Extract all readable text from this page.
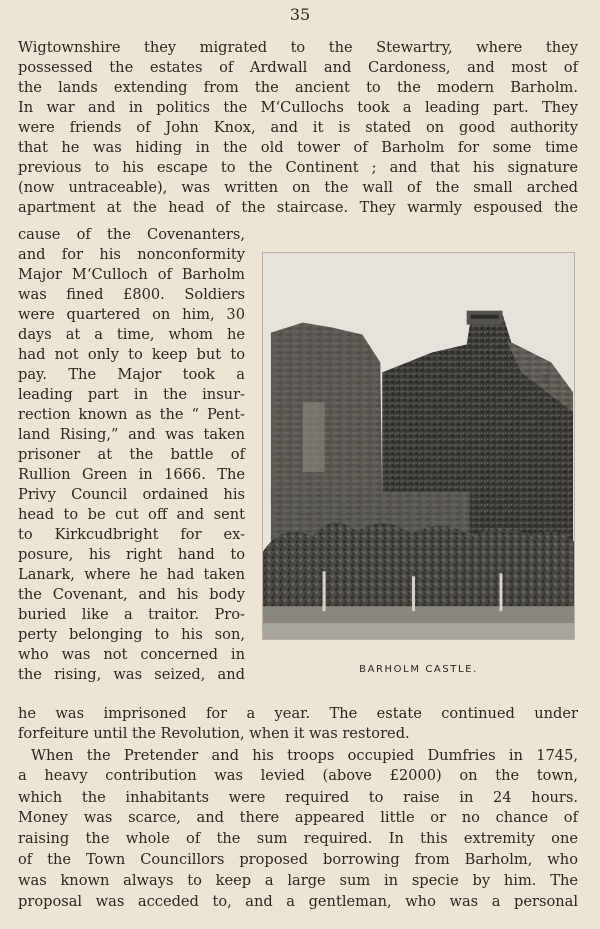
35
Wigtownshire they migrated to the Stewartry, where they
possessed the estates of Ardwall and Cardoness, and most of
the lands extending from the ancient to the modern Barholm.
In war and in politics the M‘Cullochs took a leading part. They
were friends of John Knox, and it is stated on good authority
that he was hiding in the old tower of Barholm for some time
previous to his escape to the Continent ; and that his signature
(now untraceable), was written on the wall of the small arched
apartment at the head of the staircase. They warmly espoused the
cause of the Covenanters,
and for his nonconformity
Major M‘Culloch of Barholm
was fined £800. Soldiers
were quartered on him, 30
days at a time, whom he
had not only to keep but to
pay. The Major took a
leading part in the insur-
rection known as the “ Pent-
land Rising,” and was taken
prisoner at the battle of
Rullion Green in 1666. The
Privy Council ordained his
head to be cut off and sent
to Kirkcudbright for ex-
posure, his right hand to
Lanark, where he had taken
the Covenant, and his body
buried like a traitor. Pro-
perty belonging to his son,
who was not concerned in
the rising, was seized, and	BARHOLM CASTLE.
he was imprisoned for a year. The estate continued under
forfeiture until the Revolution, when it was restored.
When the Pretender and his troops occupied Dumfries in 1745,
a heavy contribution was levied (above £2000) on the town,
which the inhabitants were required to raise in 24 hours.
Money was scarce, and there appeared little or no chance of
raising the whole of the sum required. In this extremity one
of the Town Councillors proposed borrowing from Barholm, who
was known always to keep a large sum in specie by him. The
proposal was acceded to, and a gentleman, who was a personal
